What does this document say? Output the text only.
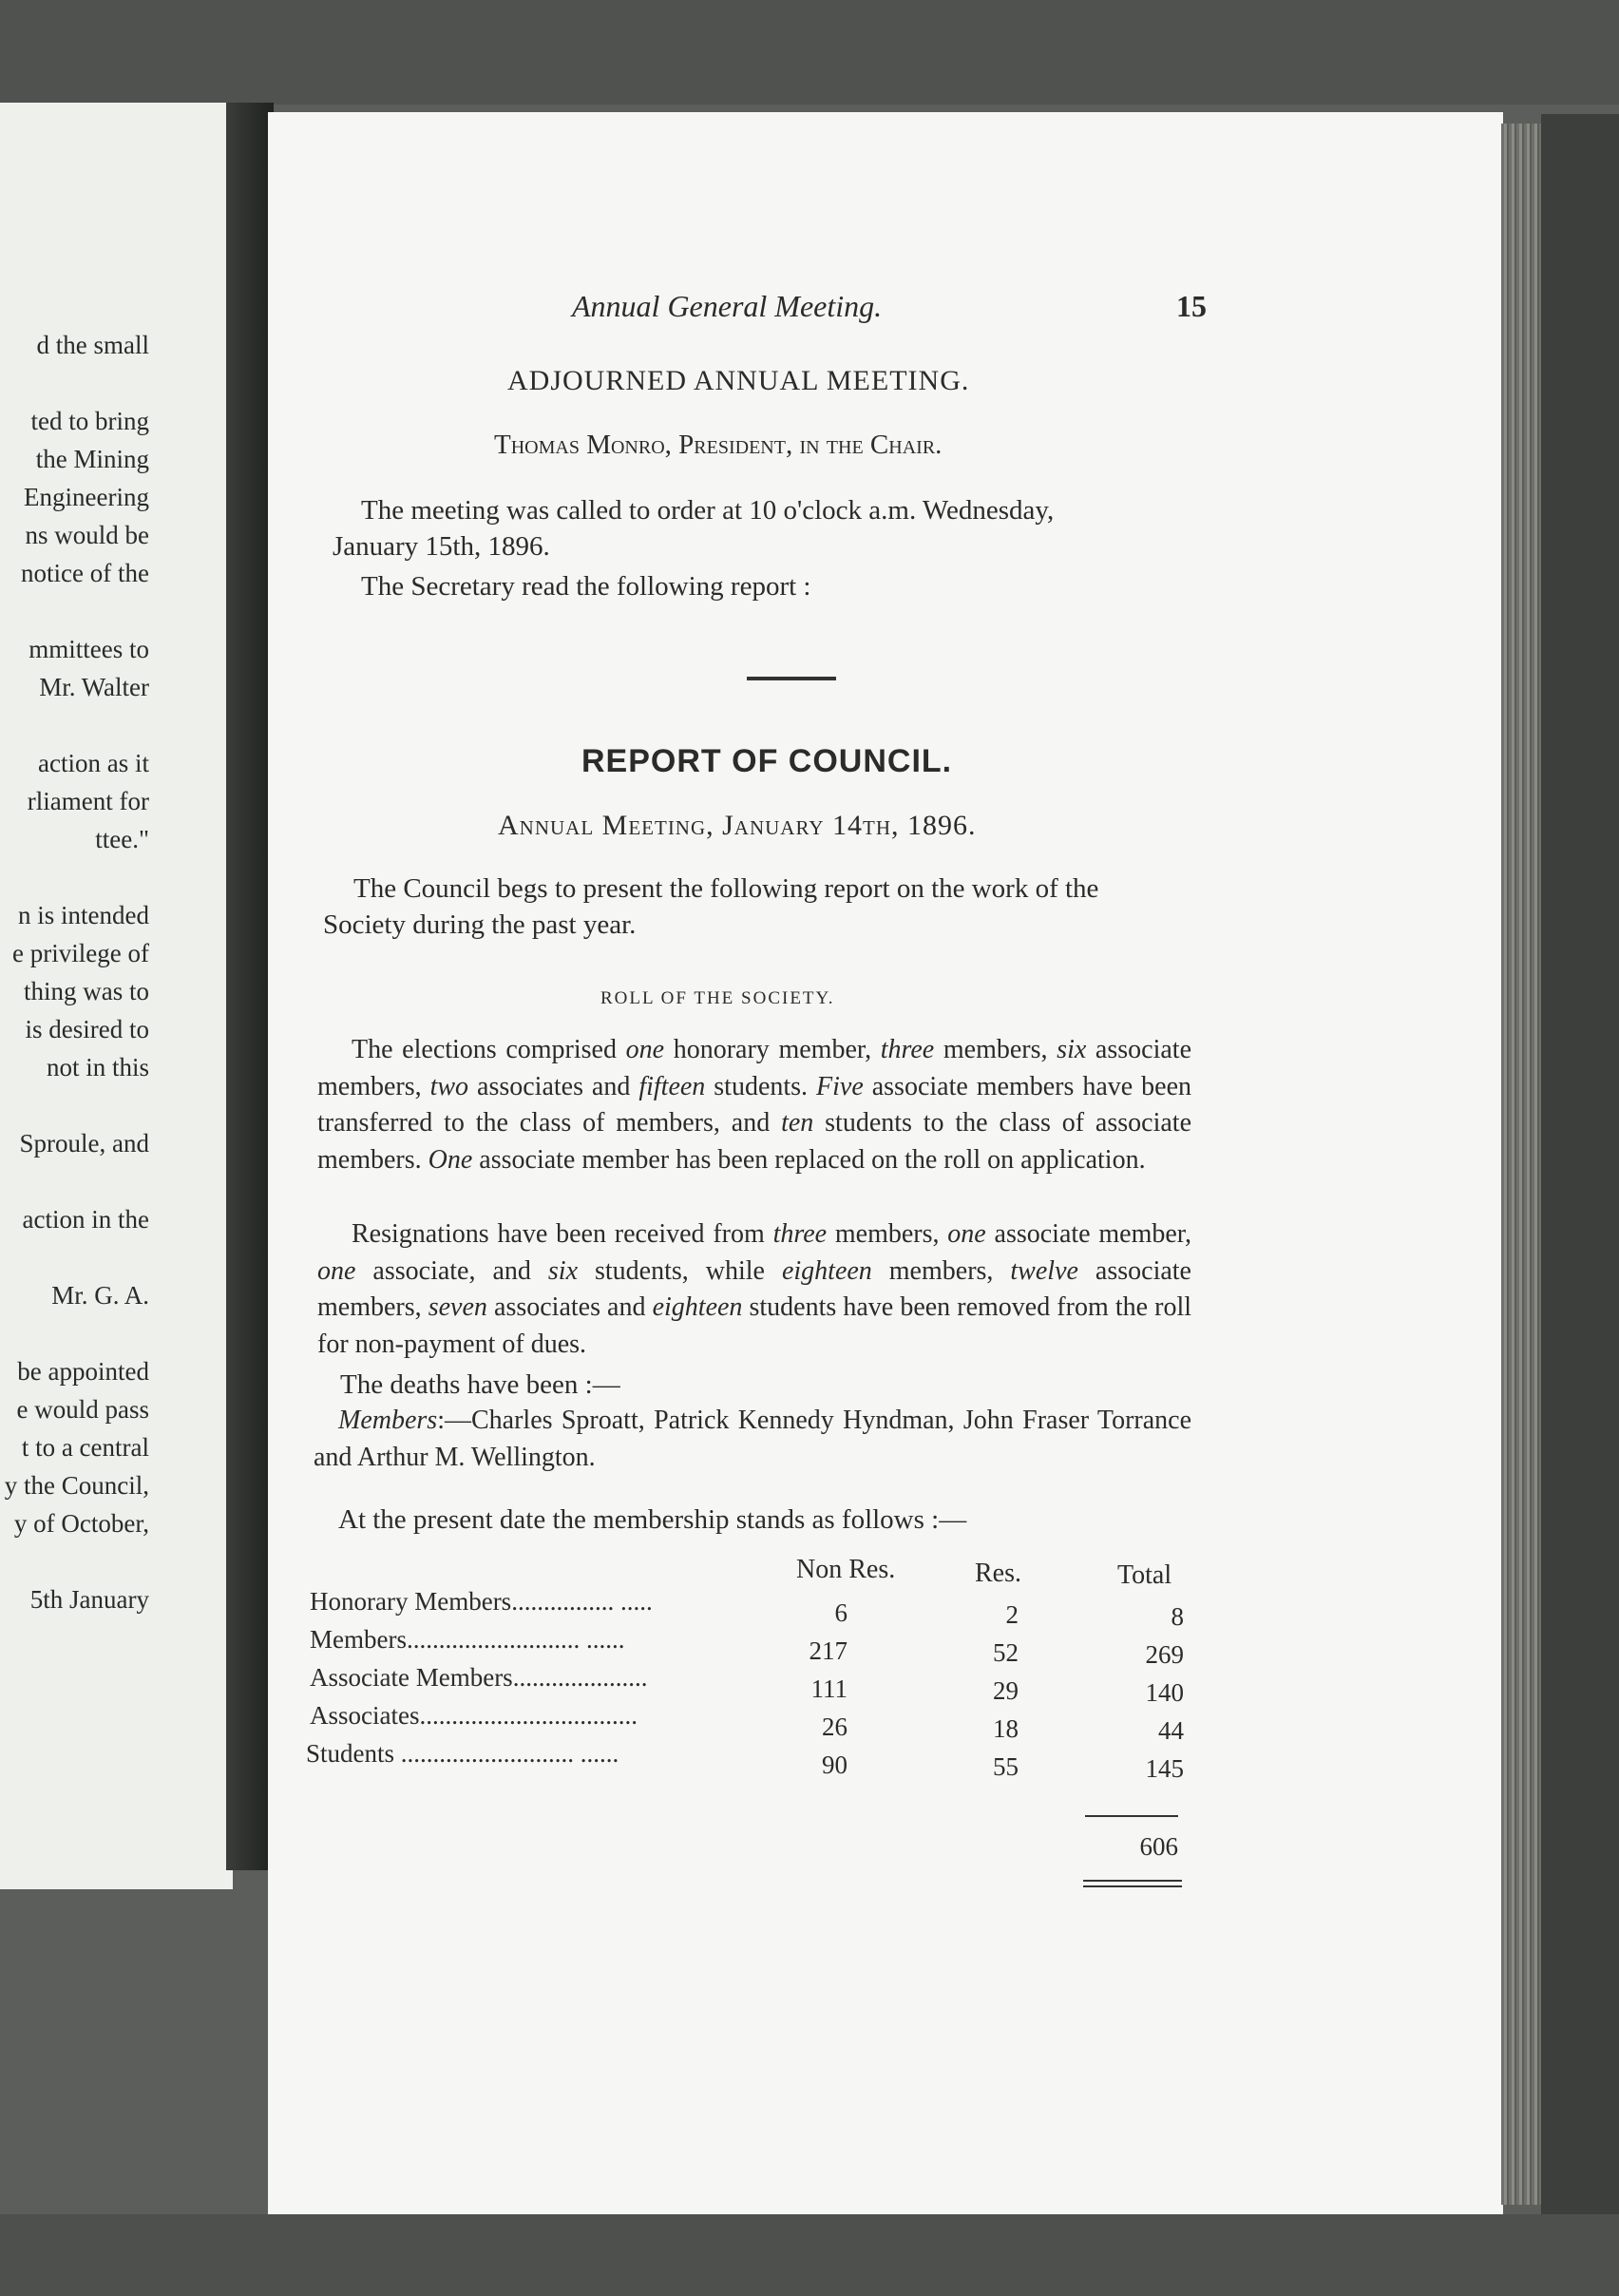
d the small
ted to bring
the Mining
Engineering
ns would be
notice of the
mmittees to
Mr. Walter
action as it
rliament for
ttee."
n is intended
e privilege of
thing was to
is desired to
not in this
Sproule, and
action in the
Mr. G. A.
be appointed
e would pass
t to a central
y the Council,
y of October,
5th January
Annual General Meeting.	15
ADJOURNED ANNUAL MEETING.
Thomas Monro, President, in the Chair.
The meeting was called to order at 10 o'clock a.m. Wednesday,
January 15th, 1896.
The Secretary read the following report :
REPORT OF COUNCIL.
Annual Meeting, January 14th, 1896.
The Council begs to present the following report on the work of the
Society during the past year.
ROLL OF THE SOCIETY.
The elections comprised one honorary member, three members, six associate members, two associates and fifteen students. Five associate members have been transferred to the class of members, and ten students to the class of associate members. One associate member has been replaced on the roll on application.
Resignations have been received from three members, one associate member, one associate, and six students, while eighteen members, twelve associate members, seven associates and eighteen students have been removed from the roll for non-payment of dues.
The deaths have been :—
Members:—Charles Sproatt, Patrick Kennedy Hyndman, John Fraser Torrance and Arthur M. Wellington.
At the present date the membership stands as follows :—
Non Res.	Res.	Total
Honorary Members................ .....	6	2	8
Members........................... ......	217	52	269
Associate Members.....................	111	29	140
Associates..................................	26	18	44
Students ........................... ......	90	55	145
606
